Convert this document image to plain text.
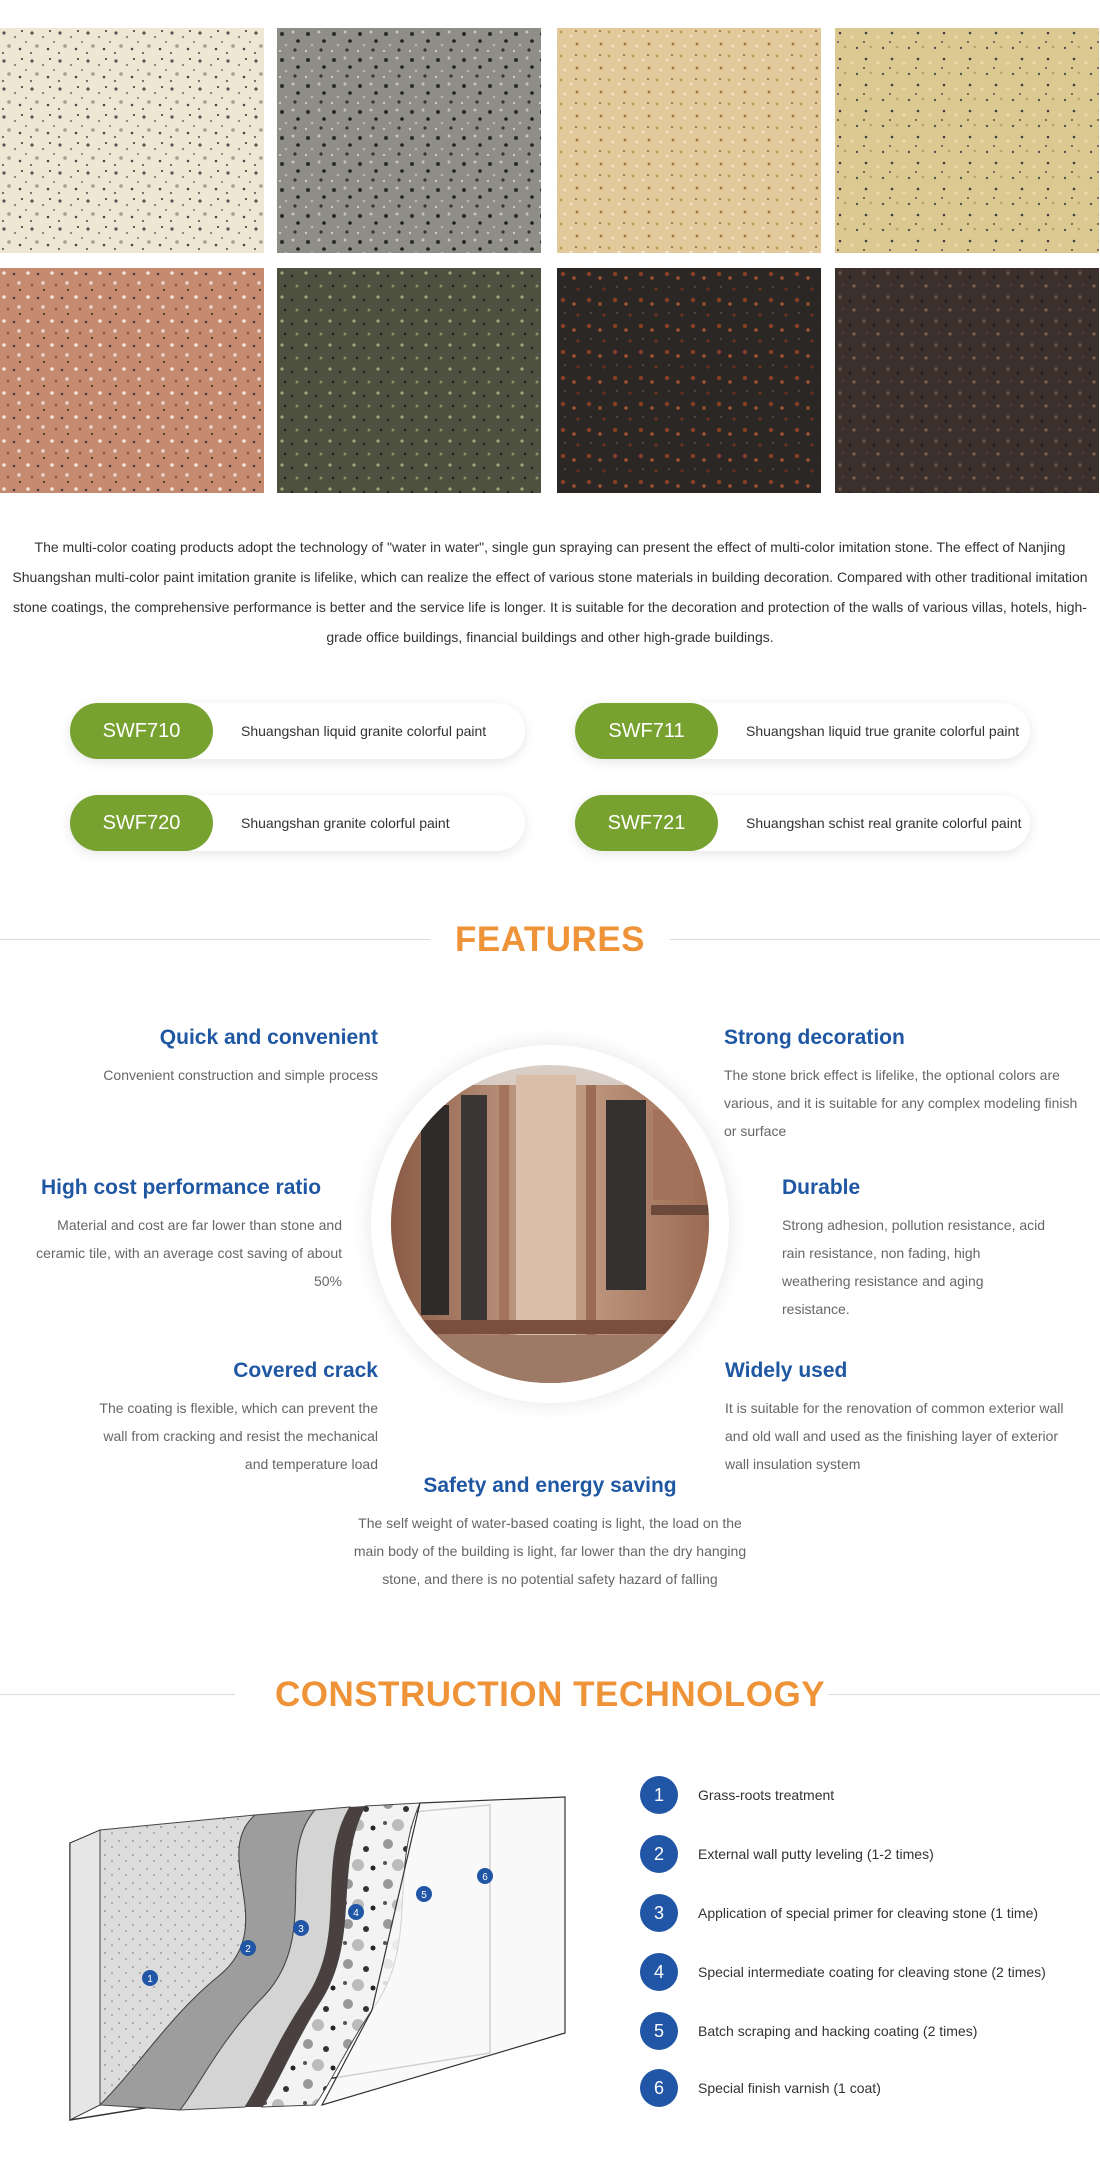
The multi-color coating products adopt the technology of "water in water", single gun spraying can present the effect of multi-color imitation stone. The effect of Nanjing Shuangshan multi-color paint imitation granite is lifelike, which can realize the effect of various stone materials in building decoration. Compared with other traditional imitation stone coatings, the comprehensive performance is better and the service life is longer. It is suitable for the decoration and protection of the walls of various villas, hotels, high-grade office buildings, financial buildings and other high-grade buildings.

SWF710	Shuangshan liquid granite colorful paint	SWF711	Shuangshan liquid true granite colorful paint
SWF720	Shuangshan granite colorful paint	SWF721	Shuangshan schist real granite colorful paint
FEATURES
Quick and convenient
Convenient construction and simple process
Strong decoration
The stone brick effect is lifelike, the optional colors are various, and it is suitable for any complex modeling finish or surface
High cost performance ratio
Material and cost are far lower than stone and ceramic tile, with an average cost saving of about 50%
Durable
Strong adhesion, pollution resistance, acid rain resistance, non fading, high weathering resistance and aging resistance.
Covered crack
The coating is flexible, which can prevent the wall from cracking and resist the mechanical and temperature load
Widely used
It is suitable for the renovation of common exterior wall and old wall and used as the finishing layer of exterior wall insulation system
Safety and energy saving
The self weight of water-based coating is light, the load on the main body of the building is light, far lower than the dry hanging stone, and there is no potential safety hazard of falling
CONSTRUCTION TECHNOLOGY
1
2
3
4
5
6
1	Grass-roots treatment
2	External wall putty leveling (1-2 times)
3	Application of special primer for cleaving stone (1 time)
4	Special intermediate coating for cleaving stone (2 times)
5	Batch scraping and hacking coating (2 times)
6	Special finish varnish (1 coat)
